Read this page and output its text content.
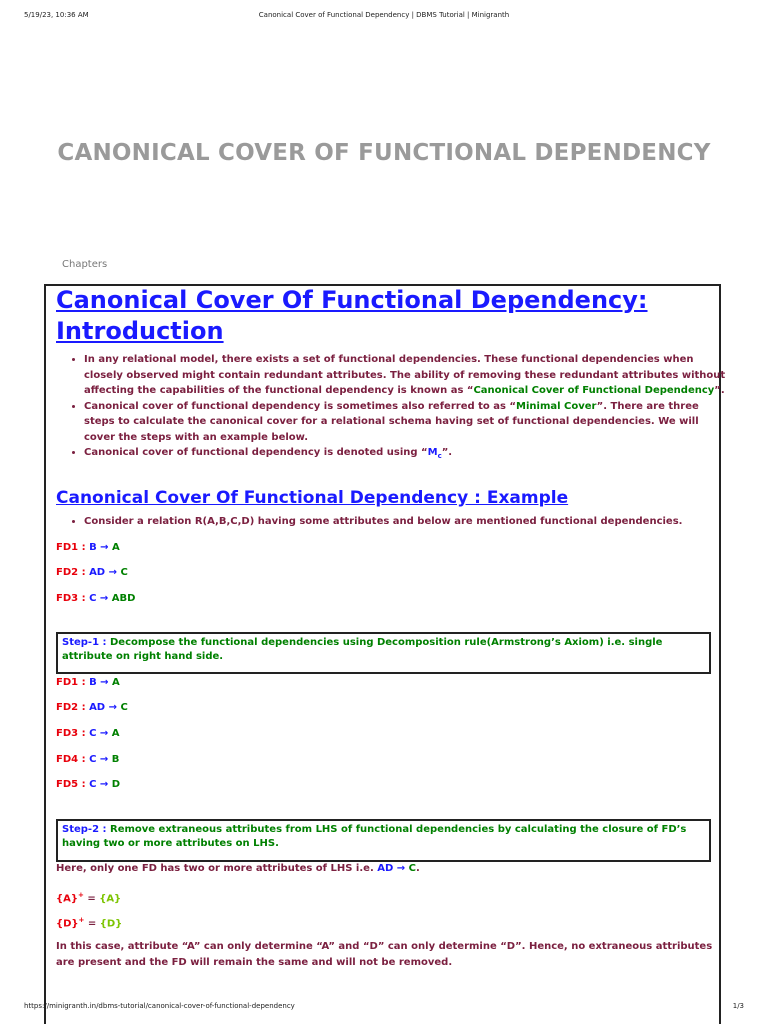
5/19/23, 10:36 AM	Canonical Cover of Functional Dependency | DBMS Tutorial | Minigranth
CANONICAL COVER OF FUNCTIONAL DEPENDENCY
Chapters
Canonical Cover Of Functional Dependency: Introduction
• In any relational model, there exists a set of functional dependencies. These functional dependencies when closely observed might contain redundant attributes. The ability of removing these redundant attributes without affecting the capabilities of the functional dependency is known as “Canonical Cover of Functional Dependency”.
• Canonical cover of functional dependency is sometimes also referred to as “Minimal Cover”. There are three steps to calculate the canonical cover for a relational schema having set of functional dependencies. We will cover the steps with an example below.
• Canonical cover of functional dependency is denoted using “$M_c$”.
Canonical Cover Of Functional Dependency : Example
• Consider a relation R(A,B,C,D) having some attributes and below are mentioned functional dependencies.
FD1 : B → A
FD2 : AD → C
FD3 : C → ABD
Step-1 : Decompose the functional dependencies using Decomposition rule(Armstrong’s Axiom) i.e. single attribute on right hand side.
FD1 : B → A
FD2 : AD → C
FD3 : C → A
FD4 : C → B
FD5 : C → D
Step-2 : Remove extraneous attributes from LHS of functional dependencies by calculating the closure of FD’s having two or more attributes on LHS.
Here, only one FD has two or more attributes of LHS i.e. AD → C.
{A}+ = {A}
{D}+ = {D}
In this case, attribute “A” can only determine “A” and “D” can only determine “D”. Hence, no extraneous attributes are present and the FD will remain the same and will not be removed.
https://minigranth.in/dbms-tutorial/canonical-cover-of-functional-dependency	1/3
